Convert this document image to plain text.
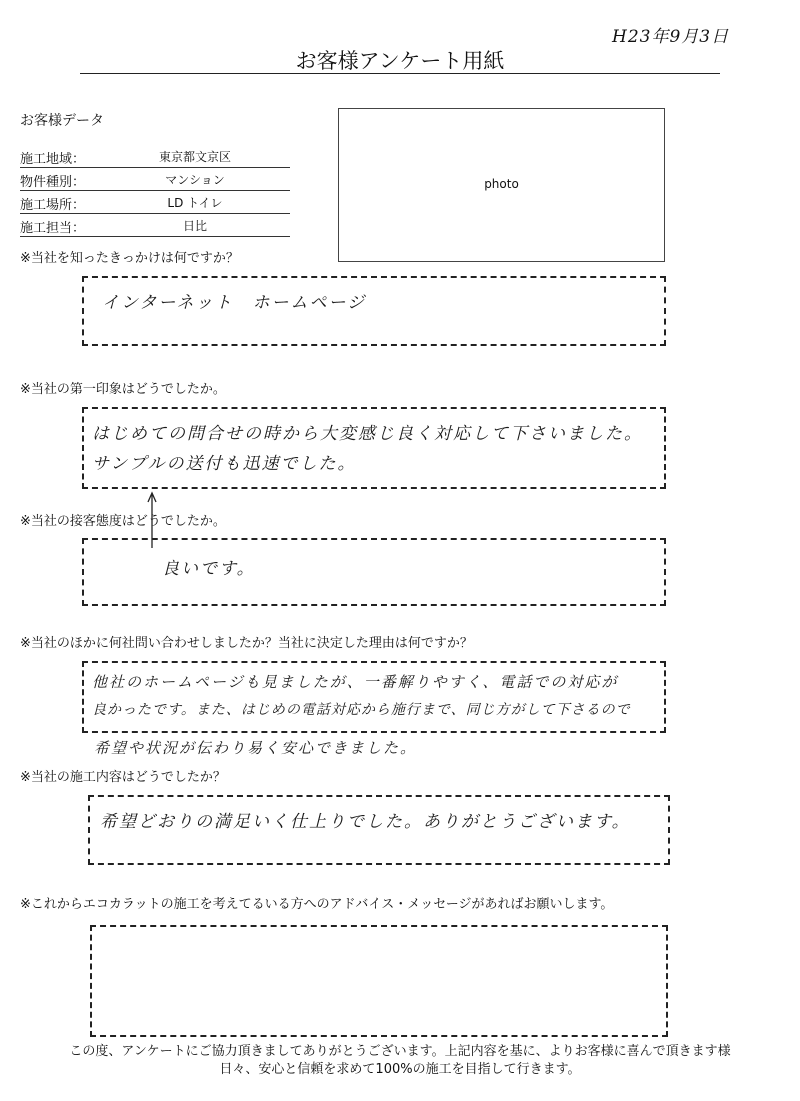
H23年9月3日
お客様アンケート用紙
お客様データ
施工地域：	東京都文京区
物件種別：	マンション
施工場所：	LD トイレ
施工担当：	日比
photo
※当社を知ったきっかけは何ですか？
インターネット　ホームページ
※当社の第一印象はどうでしたか。
はじめての問合せの時から大変感じ良く対応して下さいました。
サンプルの送付も迅速でした。
※当社の接客態度はどうでしたか。
良いです。
※当社のほかに何社問い合わせしましたか？当社に決定した理由は何ですか？
他社のホームページも見ましたが、一番解りやすく、電話での対応が
良かったです。また、はじめの電話対応から施行まで、同じ方がして下さるので
希望や状況が伝わり易く安心できました。
※当社の施工内容はどうでしたか？
希望どおりの満足いく仕上りでした。ありがとうございます。
※これからエコカラットの施工を考えてるいる方へのアドバイス・メッセージがあればお願いします。
この度、アンケートにご協力頂きましてありがとうございます。上記内容を基に、よりお客様に喜んで頂きます様
日々、安心と信頼を求めて100%の施工を目指して行きます。
